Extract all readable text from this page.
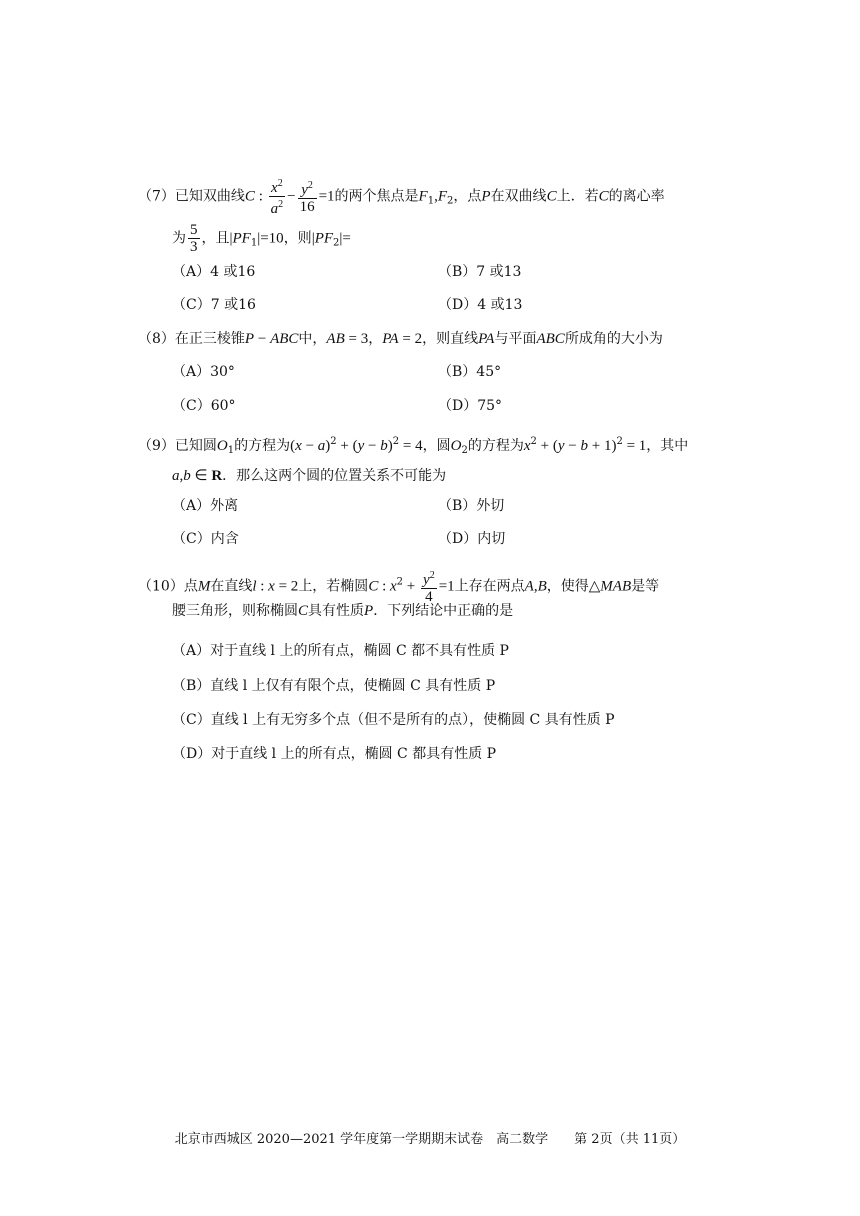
（7）已知双曲线C : $\frac{x^2}{a^2} - \frac{y^2}{16} =1$的两个焦点是$F_1,F_2$，点P在双曲线C上．若C的离心率
为 $\frac{5}{3}$ ，且$|PF_1|=10$，则$|PF_2|=$
（A）4 或16	（B）7 或13
（C）7 或16	（D）4 或13
（8）在正三棱锥P − ABC中，AB = 3，PA = 2，则直线PA与平面ABC所成角的大小为
（A）30°	（B）45°
（C）60°	（D）75°
（9）已知圆$O_1$的方程为$(x - a)^2 + (y - b)^2 = 4$，圆$O_2$的方程为$x^2 + (y - b + 1)^2 = 1$，其中
a,b ∈ R．那么这两个圆的位置关系不可能为
（A）外离	（B）外切
（C）内含	（D）内切
（10）点M在直线l : x = 2上，若椭圆C : $x^2 + \frac{y^2}{4} =1$上存在两点A,B，使得△MAB是等
腰三角形，则称椭圆C具有性质P．下列结论中正确的是
（A）对于直线 l 上的所有点，椭圆 C 都不具有性质 P
（B）直线 l 上仅有有限个点，使椭圆 C 具有性质 P
（C）直线 l 上有无穷多个点（但不是所有的点），使椭圆 C 具有性质 P
（D）对于直线 l 上的所有点，椭圆 C 都具有性质 P
北京市西城区 2020—2021 学年度第一学期期末试卷　高二数学　　第 2页（共 11页）
